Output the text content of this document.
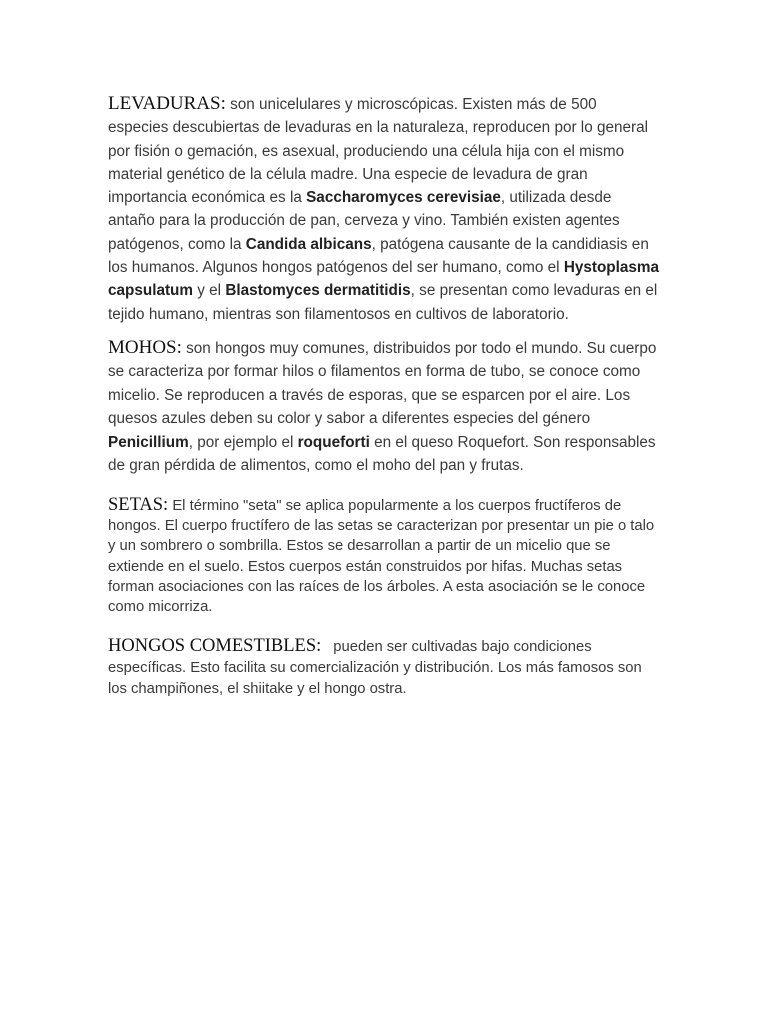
LEVADURAS: son unicelulares y microscópicas. Existen más de 500 especies descubiertas de levaduras en la naturaleza, reproducen por lo general por fisión o gemación, es asexual, produciendo una célula hija con el mismo material genético de la célula madre. Una especie de levadura de gran importancia económica es la Saccharomyces cerevisiae, utilizada desde antaño para la producción de pan, cerveza y vino. También existen agentes patógenos, como la Candida albicans, patógena causante de la candidiasis en los humanos. Algunos hongos patógenos del ser humano, como el Hystoplasma capsulatum y el Blastomyces dermatitidis, se presentan como levaduras en el tejido humano, mientras son filamentosos en cultivos de laboratorio.

MOHOS: son hongos muy comunes, distribuidos por todo el mundo. Su cuerpo se caracteriza por formar hilos o filamentos en forma de tubo, se conoce como micelio. Se reproducen a través de esporas, que se esparcen por el aire. Los quesos azules deben su color y sabor a diferentes especies del género Penicillium, por ejemplo el roqueforti en el queso Roquefort. Son responsables de gran pérdida de alimentos, como el moho del pan y frutas.

SETAS: El término "seta" se aplica popularmente a los cuerpos fructíferos de hongos. El cuerpo fructífero de las setas se caracterizan por presentar un pie o talo y un sombrero o sombrilla. Estos se desarrollan a partir de un micelio que se extiende en el suelo. Estos cuerpos están construidos por hifas. Muchas setas forman asociaciones con las raíces de los árboles. A esta asociación se le conoce como micorriza.

HONGOS COMESTIBLES: pueden ser cultivadas bajo condiciones específicas. Esto facilita su comercialización y distribución. Los más famosos son los champiñones, el shiitake y el hongo ostra.
